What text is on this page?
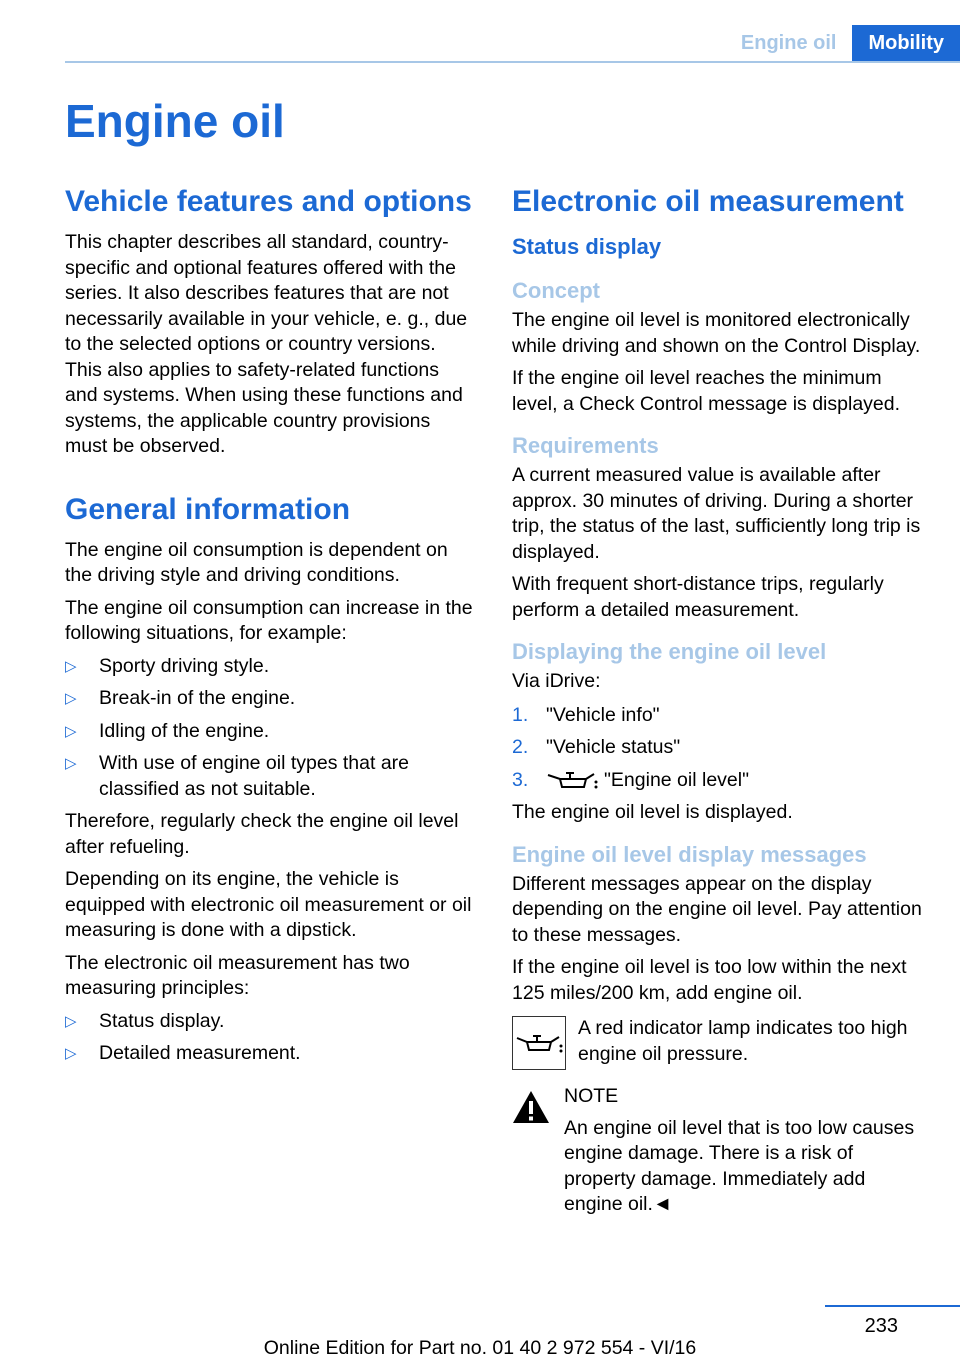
Engine oil	Mobility
Engine oil
Vehicle features and options

This chapter describes all standard, country-specific and optional features offered with the series. It also describes features that are not necessarily available in your vehicle, e. g., due to the selected options or country versions. This also applies to safety-related functions and systems. When using these functions and systems, the applicable country provisions must be observed.

General information

The engine oil consumption is dependent on the driving style and driving conditions.

The engine oil consumption can increase in the following situations, for example:

▷ Sporty driving style.
▷ Break-in of the engine.
▷ Idling of the engine.
▷ With use of engine oil types that are classified as not suitable.

Therefore, regularly check the engine oil level after refueling.

Depending on its engine, the vehicle is equipped with electronic oil measurement or oil measuring is done with a dipstick.

The electronic oil measurement has two measuring principles:

▷ Status display.
▷ Detailed measurement.
Electronic oil measurement
Status display
Concept

The engine oil level is monitored electronically while driving and shown on the Control Display.

If the engine oil level reaches the minimum level, a Check Control message is displayed.

Requirements

A current measured value is available after approx. 30 minutes of driving. During a shorter trip, the status of the last, sufficiently long trip is displayed.

With frequent short-distance trips, regularly perform a detailed measurement.

Displaying the engine oil level

Via iDrive:

1. "Vehicle info"
2. "Vehicle status"
3.	"Engine oil level"

The engine oil level is displayed.

Engine oil level display messages

Different messages appear on the display depending on the engine oil level. Pay attention to these messages.

If the engine oil level is too low within the next 125 miles/200 km, add engine oil.

A red indicator lamp indicates too high engine oil pressure.
NOTE
An engine oil level that is too low causes engine damage. There is a risk of property damage. Immediately add engine oil.◄
233
Online Edition for Part no. 01 40 2 972 554 - VI/16
